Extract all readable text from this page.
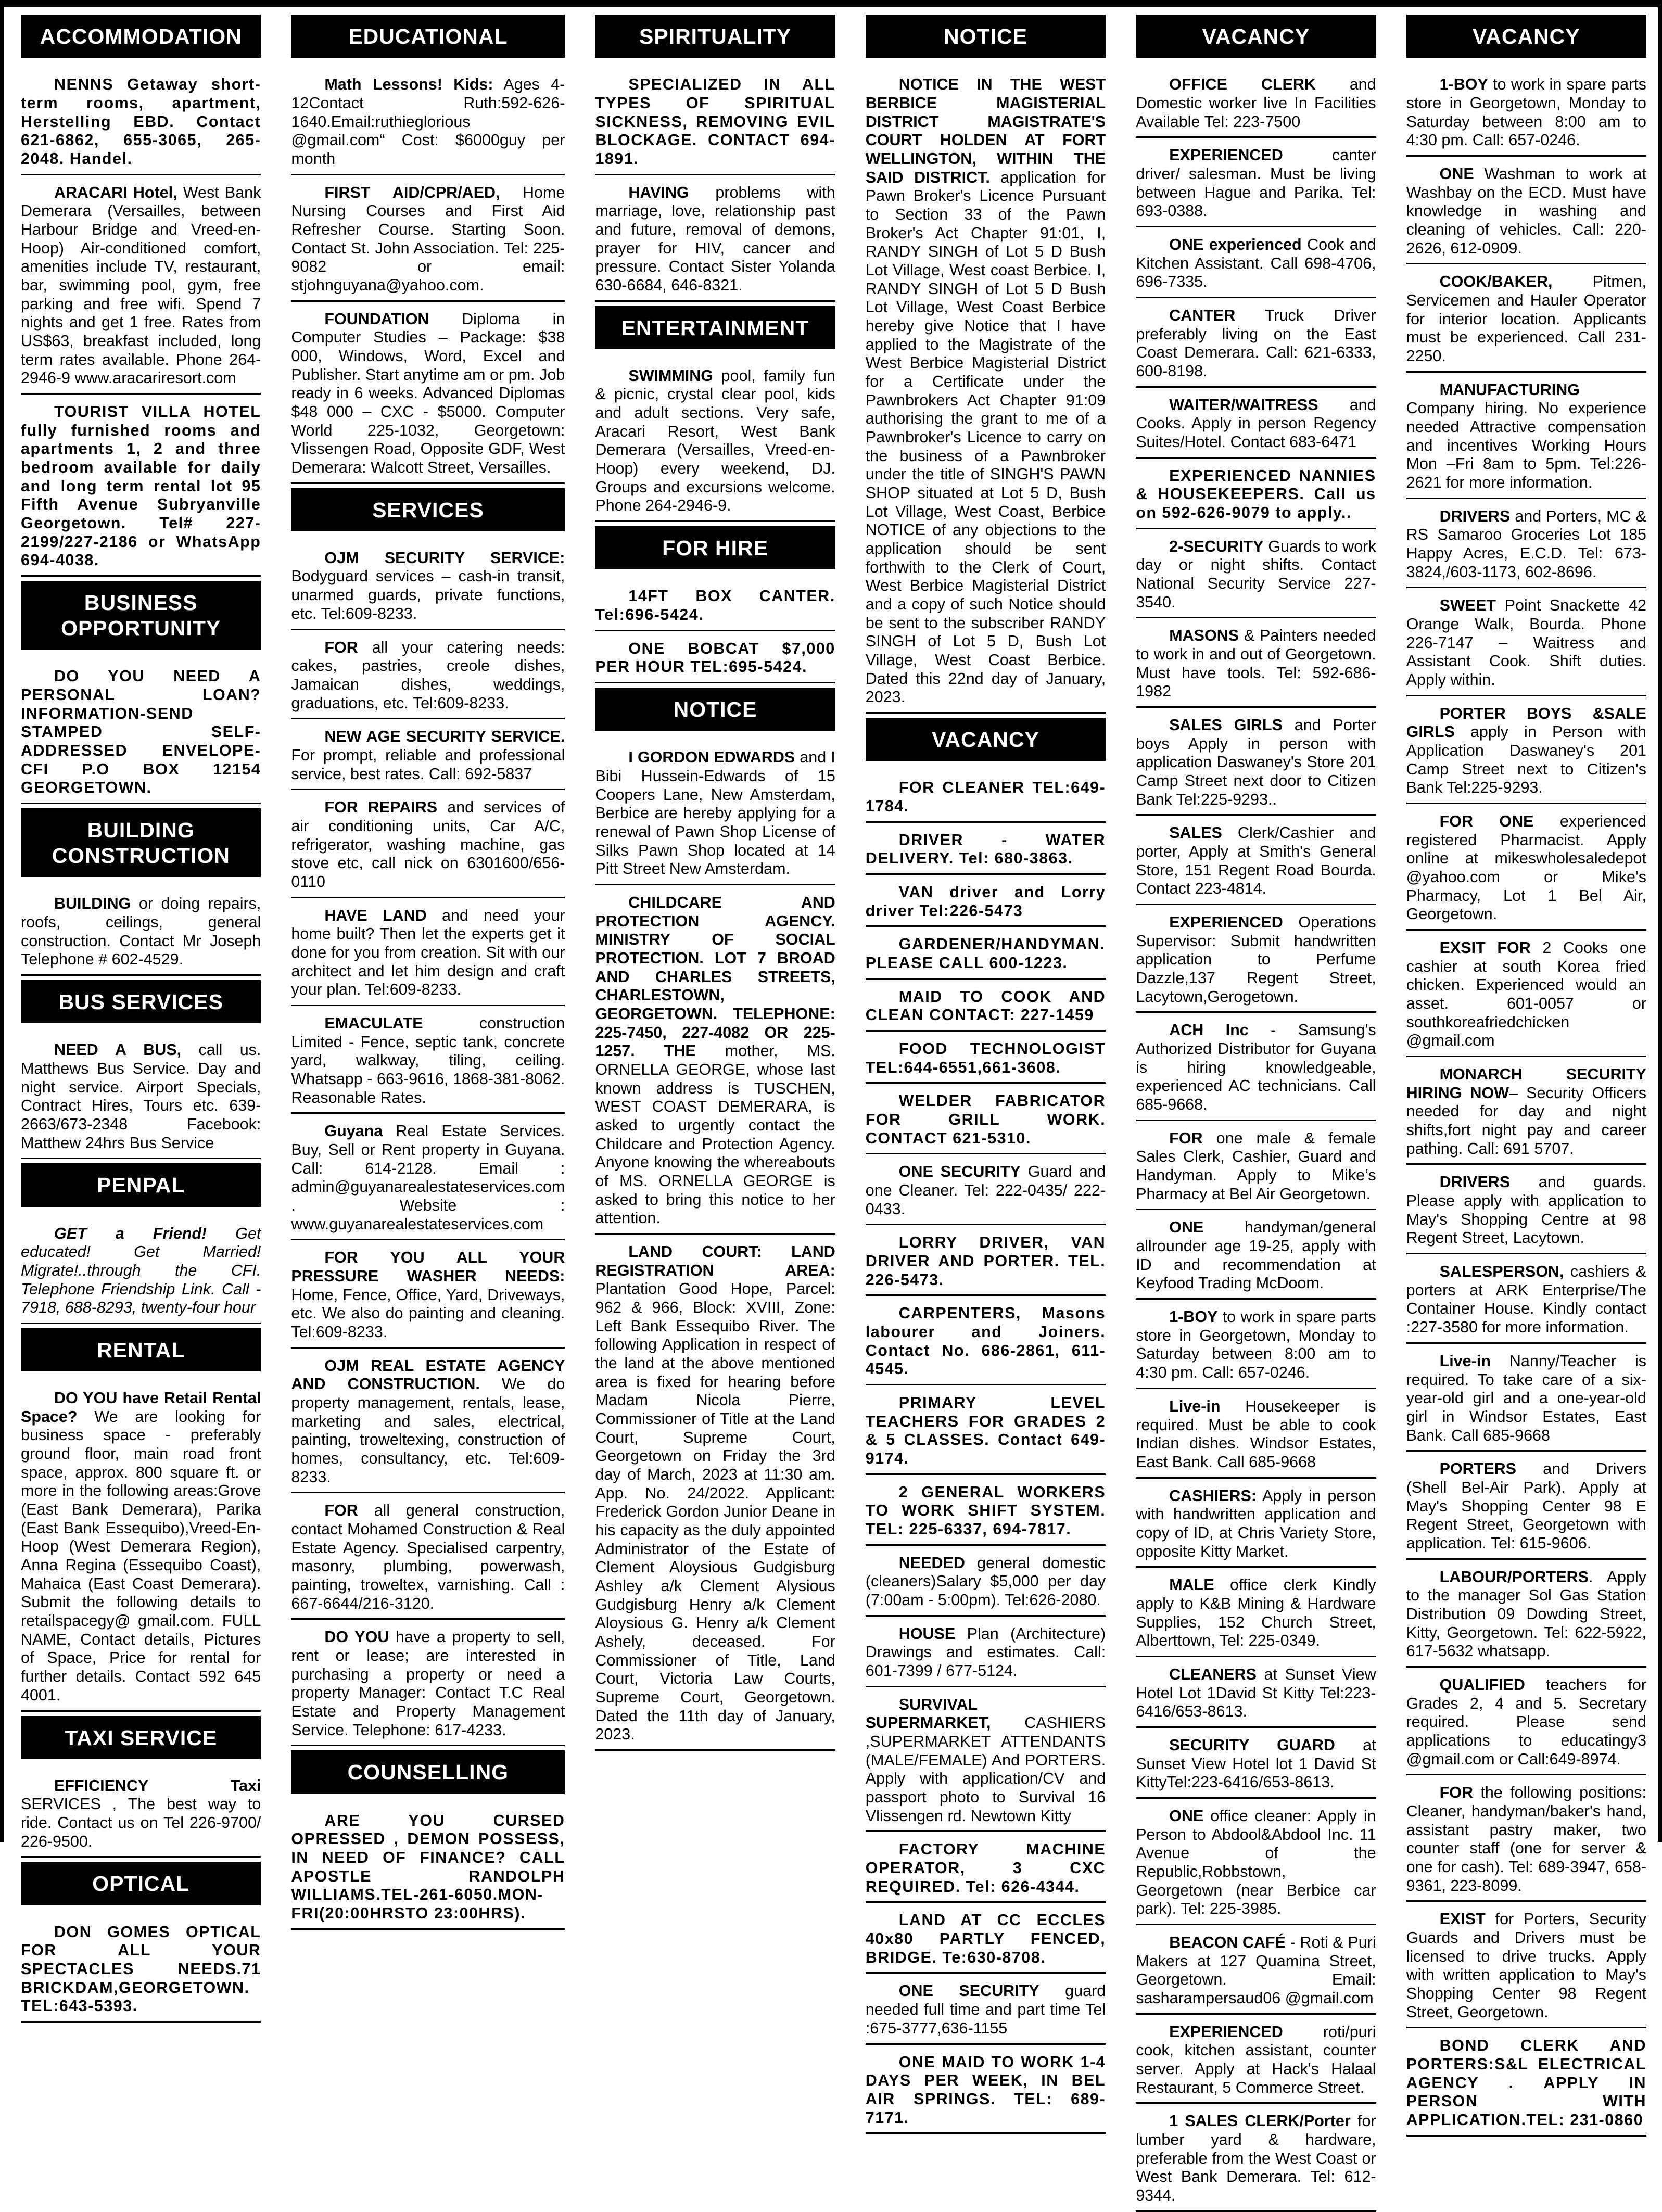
ACCOMMODATION
NENNS Getaway short-term rooms, apartment, Herstelling EBD. Contact 621-6862, 655-3065, 265-2048. Handel.
ARACARI Hotel, West Bank Demerara (Versailles, between Harbour Bridge and Vreed-en-Hoop) Air-conditioned comfort, amenities include TV, restaurant, bar, swimming pool, gym, free parking and free wifi. Spend 7 nights and get 1 free. Rates from US$63, breakfast included, long term rates available. Phone 264-2946-9 www.aracariresort.com
TOURIST VILLA HOTEL fully furnished rooms and apartments 1, 2 and three bedroom available for daily and long term rental lot 95 Fifth Avenue Subryanville Georgetown. Tel# 227-2199/227-2186 or WhatsApp 694-4038.
BUSINESS OPPORTUNITY
DO YOU NEED A PERSONAL LOAN? INFORMATION-SEND STAMPED SELF-ADDRESSED ENVELOPE- CFI P.O BOX 12154 GEORGETOWN.
BUILDING CONSTRUCTION
BUILDING or doing repairs, roofs, ceilings, general construction. Contact Mr Joseph Telephone # 602-4529.
BUS SERVICES
NEED A BUS, call us. Matthews Bus Service. Day and night service. Airport Specials, Contract Hires, Tours etc. 639-2663/673-2348 Facebook: Matthew 24hrs Bus Service
PENPAL
GET a Friend! Get educated! Get Married! Migrate!..through the CFI. Telephone Friendship Link. Call - 7918, 688-8293, twenty-four hour
RENTAL
DO YOU have Retail Rental Space? We are looking for business space - preferably ground floor, main road front space, approx. 800 square ft. or more in the following areas:Grove (East Bank Demerara), Parika (East Bank Essequibo),Vreed-En-Hoop (West Demerara Region), Anna Regina (Essequibo Coast), Mahaica (East Coast Demerara). Submit the following details to retailspacegy@ gmail.com. FULL NAME, Contact details, Pictures of Space, Price for rental for further details. Contact 592 645 4001.
TAXI SERVICE
EFFICIENCY Taxi SERVICES , The best way to ride. Contact us on Tel 226-9700/ 226-9500.
OPTICAL
DON GOMES OPTICAL FOR ALL YOUR SPECTACLES NEEDS.71 BRICKDAM,GEORGETOWN. TEL:643-5393.
EDUCATIONAL
Math Lessons! Kids: Ages 4-12Contact Ruth:592-626-1640.Email:ruthieglorious @gmail.com“ Cost: $6000guy per month
FIRST AID/CPR/AED, Home Nursing Courses and First Aid Refresher Course. Starting Soon. Contact St. John Association. Tel: 225-9082 or email: stjohnguyana@yahoo.com.
FOUNDATION Diploma in Computer Studies – Package: $38 000, Windows, Word, Excel and Publisher. Start anytime am or pm. Job ready in 6 weeks. Advanced Diplomas $48 000 – CXC - $5000. Computer World 225-1032, Georgetown: Vlissengen Road, Opposite GDF, West Demerara: Walcott Street, Versailles.
SERVICES
OJM SECURITY SERVICE: Bodyguard services – cash-in transit, unarmed guards, private functions, etc. Tel:609-8233.
FOR all your catering needs: cakes, pastries, creole dishes, Jamaican dishes, weddings, graduations, etc. Tel:609-8233.
NEW AGE SECURITY SERVICE. For prompt, reliable and professional service, best rates. Call: 692-5837
FOR REPAIRS and services of air conditioning units, Car A/C, refrigerator, washing machine, gas stove etc, call nick on 6301600/656-0110
HAVE LAND and need your home built? Then let the experts get it done for you from creation. Sit with our architect and let him design and craft your plan. Tel:609-8233.
EMACULATE construction Limited - Fence, septic tank, concrete yard, walkway, tiling, ceiling. Whatsapp - 663-9616, 1868-381-8062. Reasonable Rates.
Guyana Real Estate Services. Buy, Sell or Rent property in Guyana. Call: 614-2128. Email : admin@guyanarealestateservices.com . Website : www.guyanarealestateservices.com
FOR YOU ALL YOUR PRESSURE WASHER NEEDS: Home, Fence, Office, Yard, Driveways, etc. We also do painting and cleaning. Tel:609-8233.
OJM REAL ESTATE AGENCY AND CONSTRUCTION. We do property management, rentals, lease, marketing and sales, electrical, painting, troweltexing, construction of homes, consultancy, etc. Tel:609-8233.
FOR all general construction, contact Mohamed Construction & Real Estate Agency. Specialised carpentry, masonry, plumbing, powerwash, painting, troweltex, varnishing. Call : 667-6644/216-3120.
DO YOU have a property to sell, rent or lease; are interested in purchasing a property or need a property Manager: Contact T.C Real Estate and Property Management Service. Telephone: 617-4233.
COUNSELLING
ARE YOU CURSED OPRESSED , DEMON POSSESS, IN NEED OF FINANCE? CALL APOSTLE RANDOLPH WILLIAMS.TEL-261-6050.MON-FRI(20:00HRSTO 23:00HRS).
SPIRITUALITY
SPECIALIZED IN ALL TYPES OF SPIRITUAL SICKNESS, REMOVING EVIL BLOCKAGE. CONTACT 694-1891.
HAVING problems with marriage, love, relationship past and future, removal of demons, prayer for HIV, cancer and pressure. Contact Sister Yolanda 630-6684, 646-8321.
ENTERTAINMENT
SWIMMING pool, family fun & picnic, crystal clear pool, kids and adult sections. Very safe, Aracari Resort, West Bank Demerara (Versailles, Vreed-en-Hoop) every weekend, DJ. Groups and excursions welcome. Phone 264-2946-9.
FOR HIRE
14FT BOX CANTER. Tel:696-5424.
ONE BOBCAT $7,000 PER HOUR TEL:695-5424.
NOTICE
I GORDON EDWARDS and I Bibi Hussein-Edwards of 15 Coopers Lane, New Amsterdam, Berbice are hereby applying for a renewal of Pawn Shop License of Silks Pawn Shop located at 14 Pitt Street New Amsterdam.
CHILDCARE AND PROTECTION AGENCY. MINISTRY OF SOCIAL PROTECTION. LOT 7 BROAD AND CHARLES STREETS, CHARLESTOWN, GEORGETOWN. TELEPHONE: 225-7450, 227-4082 OR 225-1257. THE mother, MS. ORNELLA GEORGE, whose last known address is TUSCHEN, WEST COAST DEMERARA, is asked to urgently contact the Childcare and Protection Agency. Anyone knowing the whereabouts of MS. ORNELLA GEORGE is asked to bring this notice to her attention.
LAND COURT: LAND REGISTRATION AREA: Plantation Good Hope, Parcel: 962 & 966, Block: XVIII, Zone: Left Bank Essequibo River. The following Application in respect of the land at the above mentioned area is fixed for hearing before Madam Nicola Pierre, Commissioner of Title at the Land Court, Supreme Court, Georgetown on Friday the 3rd day of March, 2023 at 11:30 am. App. No. 24/2022. Applicant: Frederick Gordon Junior Deane in his capacity as the duly appointed Administrator of the Estate of Clement Aloysious Gudgisburg Ashley a/k Clement Alysious Gudgisburg Henry a/k Clement Aloysious G. Henry a/k Clement Ashely, deceased. For Commissioner of Title, Land Court, Victoria Law Courts, Supreme Court, Georgetown. Dated the 11th day of January, 2023.
NOTICE
NOTICE IN THE WEST BERBICE MAGISTERIAL DISTRICT MAGISTRATE'S COURT HOLDEN AT FORT WELLINGTON, WITHIN THE SAID DISTRICT. application for Pawn Broker's Licence Pursuant to Section 33 of the Pawn Broker's Act Chapter 91:01, I, RANDY SINGH of Lot 5 D Bush Lot Village, West coast Berbice. I, RANDY SINGH of Lot 5 D Bush Lot Village, West Coast Berbice hereby give Notice that I have applied to the Magistrate of the West Berbice Magisterial District for a Certificate under the Pawnbrokers Act Chapter 91:09 authorising the grant to me of a Pawnbroker's Licence to carry on the business of a Pawnbroker under the title of SINGH'S PAWN SHOP situated at Lot 5 D, Bush Lot Village, West Coast, Berbice NOTICE of any objections to the application should be sent forthwith to the Clerk of Court, West Berbice Magisterial District and a copy of such Notice should be sent to the subscriber RANDY SINGH of Lot 5 D, Bush Lot Village, West Coast Berbice. Dated this 22nd day of January, 2023.
VACANCY
FOR CLEANER TEL:649-1784.
DRIVER - WATER DELIVERY. Tel: 680-3863.
VAN driver and Lorry driver Tel:226-5473
GARDENER/HANDYMAN. PLEASE CALL 600-1223.
MAID TO COOK AND CLEAN CONTACT: 227-1459
FOOD TECHNOLOGIST TEL:644-6551,661-3608.
WELDER FABRICATOR FOR GRILL WORK. CONTACT 621-5310.
ONE SECURITY Guard and one Cleaner. Tel: 222-0435/ 222-0433.
LORRY DRIVER, VAN DRIVER AND PORTER. TEL. 226-5473.
CARPENTERS, Masons labourer and Joiners. Contact No. 686-2861, 611-4545.
PRIMARY LEVEL TEACHERS FOR GRADES 2 & 5 CLASSES. Contact 649-9174.
2 GENERAL WORKERS TO WORK SHIFT SYSTEM. TEL: 225-6337, 694-7817.
NEEDED general domestic (cleaners)Salary $5,000 per day (7:00am - 5:00pm). Tel:626-2080.
HOUSE Plan (Architecture) Drawings and estimates. Call: 601-7399 / 677-5124.
SURVIVAL SUPERMARKET, CASHIERS ,SUPERMARKET ATTENDANTS (MALE/FEMALE) And PORTERS. Apply with application/CV and passport photo to Survival 16 Vlissengen rd. Newtown Kitty
FACTORY MACHINE OPERATOR, 3 CXC REQUIRED. Tel: 626-4344.
LAND AT CC ECCLES 40x80 PARTLY FENCED, BRIDGE. Te:630-8708.
ONE SECURITY guard needed full time and part time Tel :675-3777,636-1155
ONE MAID TO WORK 1-4 DAYS PER WEEK, IN BEL AIR SPRINGS. TEL: 689-7171.
VACANCY
OFFICE CLERK and Domestic worker live In Facilities Available Tel: 223-7500
EXPERIENCED canter driver/ salesman. Must be living between Hague and Parika. Tel: 693-0388.
ONE experienced Cook and Kitchen Assistant. Call 698-4706, 696-7335.
CANTER Truck Driver preferably living on the East Coast Demerara. Call: 621-6333, 600-8198.
WAITER/WAITRESS and Cooks. Apply in person Regency Suites/Hotel. Contact 683-6471
EXPERIENCED NANNIES & HOUSEKEEPERS. Call us on 592-626-9079 to apply..
2-SECURITY Guards to work day or night shifts. Contact National Security Service 227-3540.
MASONS & Painters needed to work in and out of Georgetown. Must have tools. Tel: 592-686-1982
SALES GIRLS and Porter boys Apply in person with application Daswaney's Store 201 Camp Street next door to Citizen Bank Tel:225-9293..
SALES Clerk/Cashier and porter, Apply at Smith's General Store, 151 Regent Road Bourda. Contact 223-4814.
EXPERIENCED Operations Supervisor: Submit handwritten application to Perfume Dazzle,137 Regent Street, Lacytown,Gerogetown.
ACH Inc - Samsung's Authorized Distributor for Guyana is hiring knowledgeable, experienced AC technicians. Call 685-9668.
FOR one male & female Sales Clerk, Cashier, Guard and Handyman. Apply to Mike’s Pharmacy at Bel Air Georgetown.
ONE handyman/general allrounder age 19-25, apply with ID and recommendation at Keyfood Trading McDoom.
1-BOY to work in spare parts store in Georgetown, Monday to Saturday between 8:00 am to 4:30 pm. Call: 657-0246.
Live-in Housekeeper is required. Must be able to cook Indian dishes. Windsor Estates, East Bank. Call 685-9668
CASHIERS: Apply in person with handwritten application and copy of ID, at Chris Variety Store, opposite Kitty Market.
MALE office clerk Kindly apply to K&B Mining & Hardware Supplies, 152 Church Street, Alberttown, Tel: 225-0349.
CLEANERS at Sunset View Hotel Lot 1David St Kitty Tel:223-6416/653-8613.
SECURITY GUARD at Sunset View Hotel lot 1 David St KittyTel:223-6416/653-8613.
ONE office cleaner: Apply in Person to Abdool&Abdool Inc. 11 Avenue of the Republic,Robbstown, Georgetown (near Berbice car park). Tel: 225-3985.
BEACON CAFÉ - Roti & Puri Makers at 127 Quamina Street, Georgetown. Email: sasharampersaud06 @gmail.com
EXPERIENCED roti/puri cook, kitchen assistant, counter server. Apply at Hack's Halaal Restaurant, 5 Commerce Street.
1 SALES CLERK/Porter for lumber yard & hardware, preferable from the West Coast or West Bank Demerara. Tel: 612-9344.
VACANCY
1-BOY to work in spare parts store in Georgetown, Monday to Saturday between 8:00 am to 4:30 pm. Call: 657-0246.
ONE Washman to work at Washbay on the ECD. Must have knowledge in washing and cleaning of vehicles. Call: 220-2626, 612-0909.
COOK/BAKER, Pitmen, Servicemen and Hauler Operator for interior location. Applicants must be experienced. Call 231-2250.
MANUFACTURING Company hiring. No experience needed Attractive compensation and incentives Working Hours Mon –Fri 8am to 5pm. Tel:226-2621 for more information.
DRIVERS and Porters, MC & RS Samaroo Groceries Lot 185 Happy Acres, E.C.D. Tel: 673-3824,/603-1173, 602-8696.
SWEET Point Snackette 42 Orange Walk, Bourda. Phone 226-7147 – Waitress and Assistant Cook. Shift duties. Apply within.
PORTER BOYS &SALE GIRLS apply in Person with Application Daswaney's 201 Camp Street next to Citizen's Bank Tel:225-9293.
FOR ONE experienced registered Pharmacist. Apply online at mikeswholesaledepot @yahoo.com or Mike's Pharmacy, Lot 1 Bel Air, Georgetown.
EXSIT FOR 2 Cooks one cashier at south Korea fried chicken. Experienced would an asset. 601-0057 or southkoreafriedchicken @gmail.com
MONARCH SECURITY HIRING NOW– Security Officers needed for day and night shifts,fort night pay and career pathing. Call: 691 5707.
DRIVERS and guards. Please apply with application to May's Shopping Centre at 98 Regent Street, Lacytown.
SALESPERSON, cashiers & porters at ARK Enterprise/The Container House. Kindly contact :227-3580 for more information.
Live-in Nanny/Teacher is required. To take care of a six-year-old girl and a one-year-old girl in Windsor Estates, East Bank. Call 685-9668
PORTERS and Drivers (Shell Bel-Air Park). Apply at May's Shopping Center 98 E Regent Street, Georgetown with application. Tel: 615-9606.
LABOUR/PORTERS. Apply to the manager Sol Gas Station Distribution 09 Dowding Street, Kitty, Georgetown. Tel: 622-5922, 617-5632 whatsapp.
QUALIFIED teachers for Grades 2, 4 and 5. Secretary required. Please send applications to educatingy3 @gmail.com or Call:649-8974.
FOR the following positions: Cleaner, handyman/baker's hand, assistant pastry maker, two counter staff (one for server & one for cash). Tel: 689-3947, 658-9361, 223-8099.
EXIST for Porters, Security Guards and Drivers must be licensed to drive trucks. Apply with written application to May's Shopping Center 98 Regent Street, Georgetown.
BOND CLERK AND PORTERS:S&L ELECTRICAL AGENCY . APPLY IN PERSON WITH APPLICATION.TEL: 231-0860
